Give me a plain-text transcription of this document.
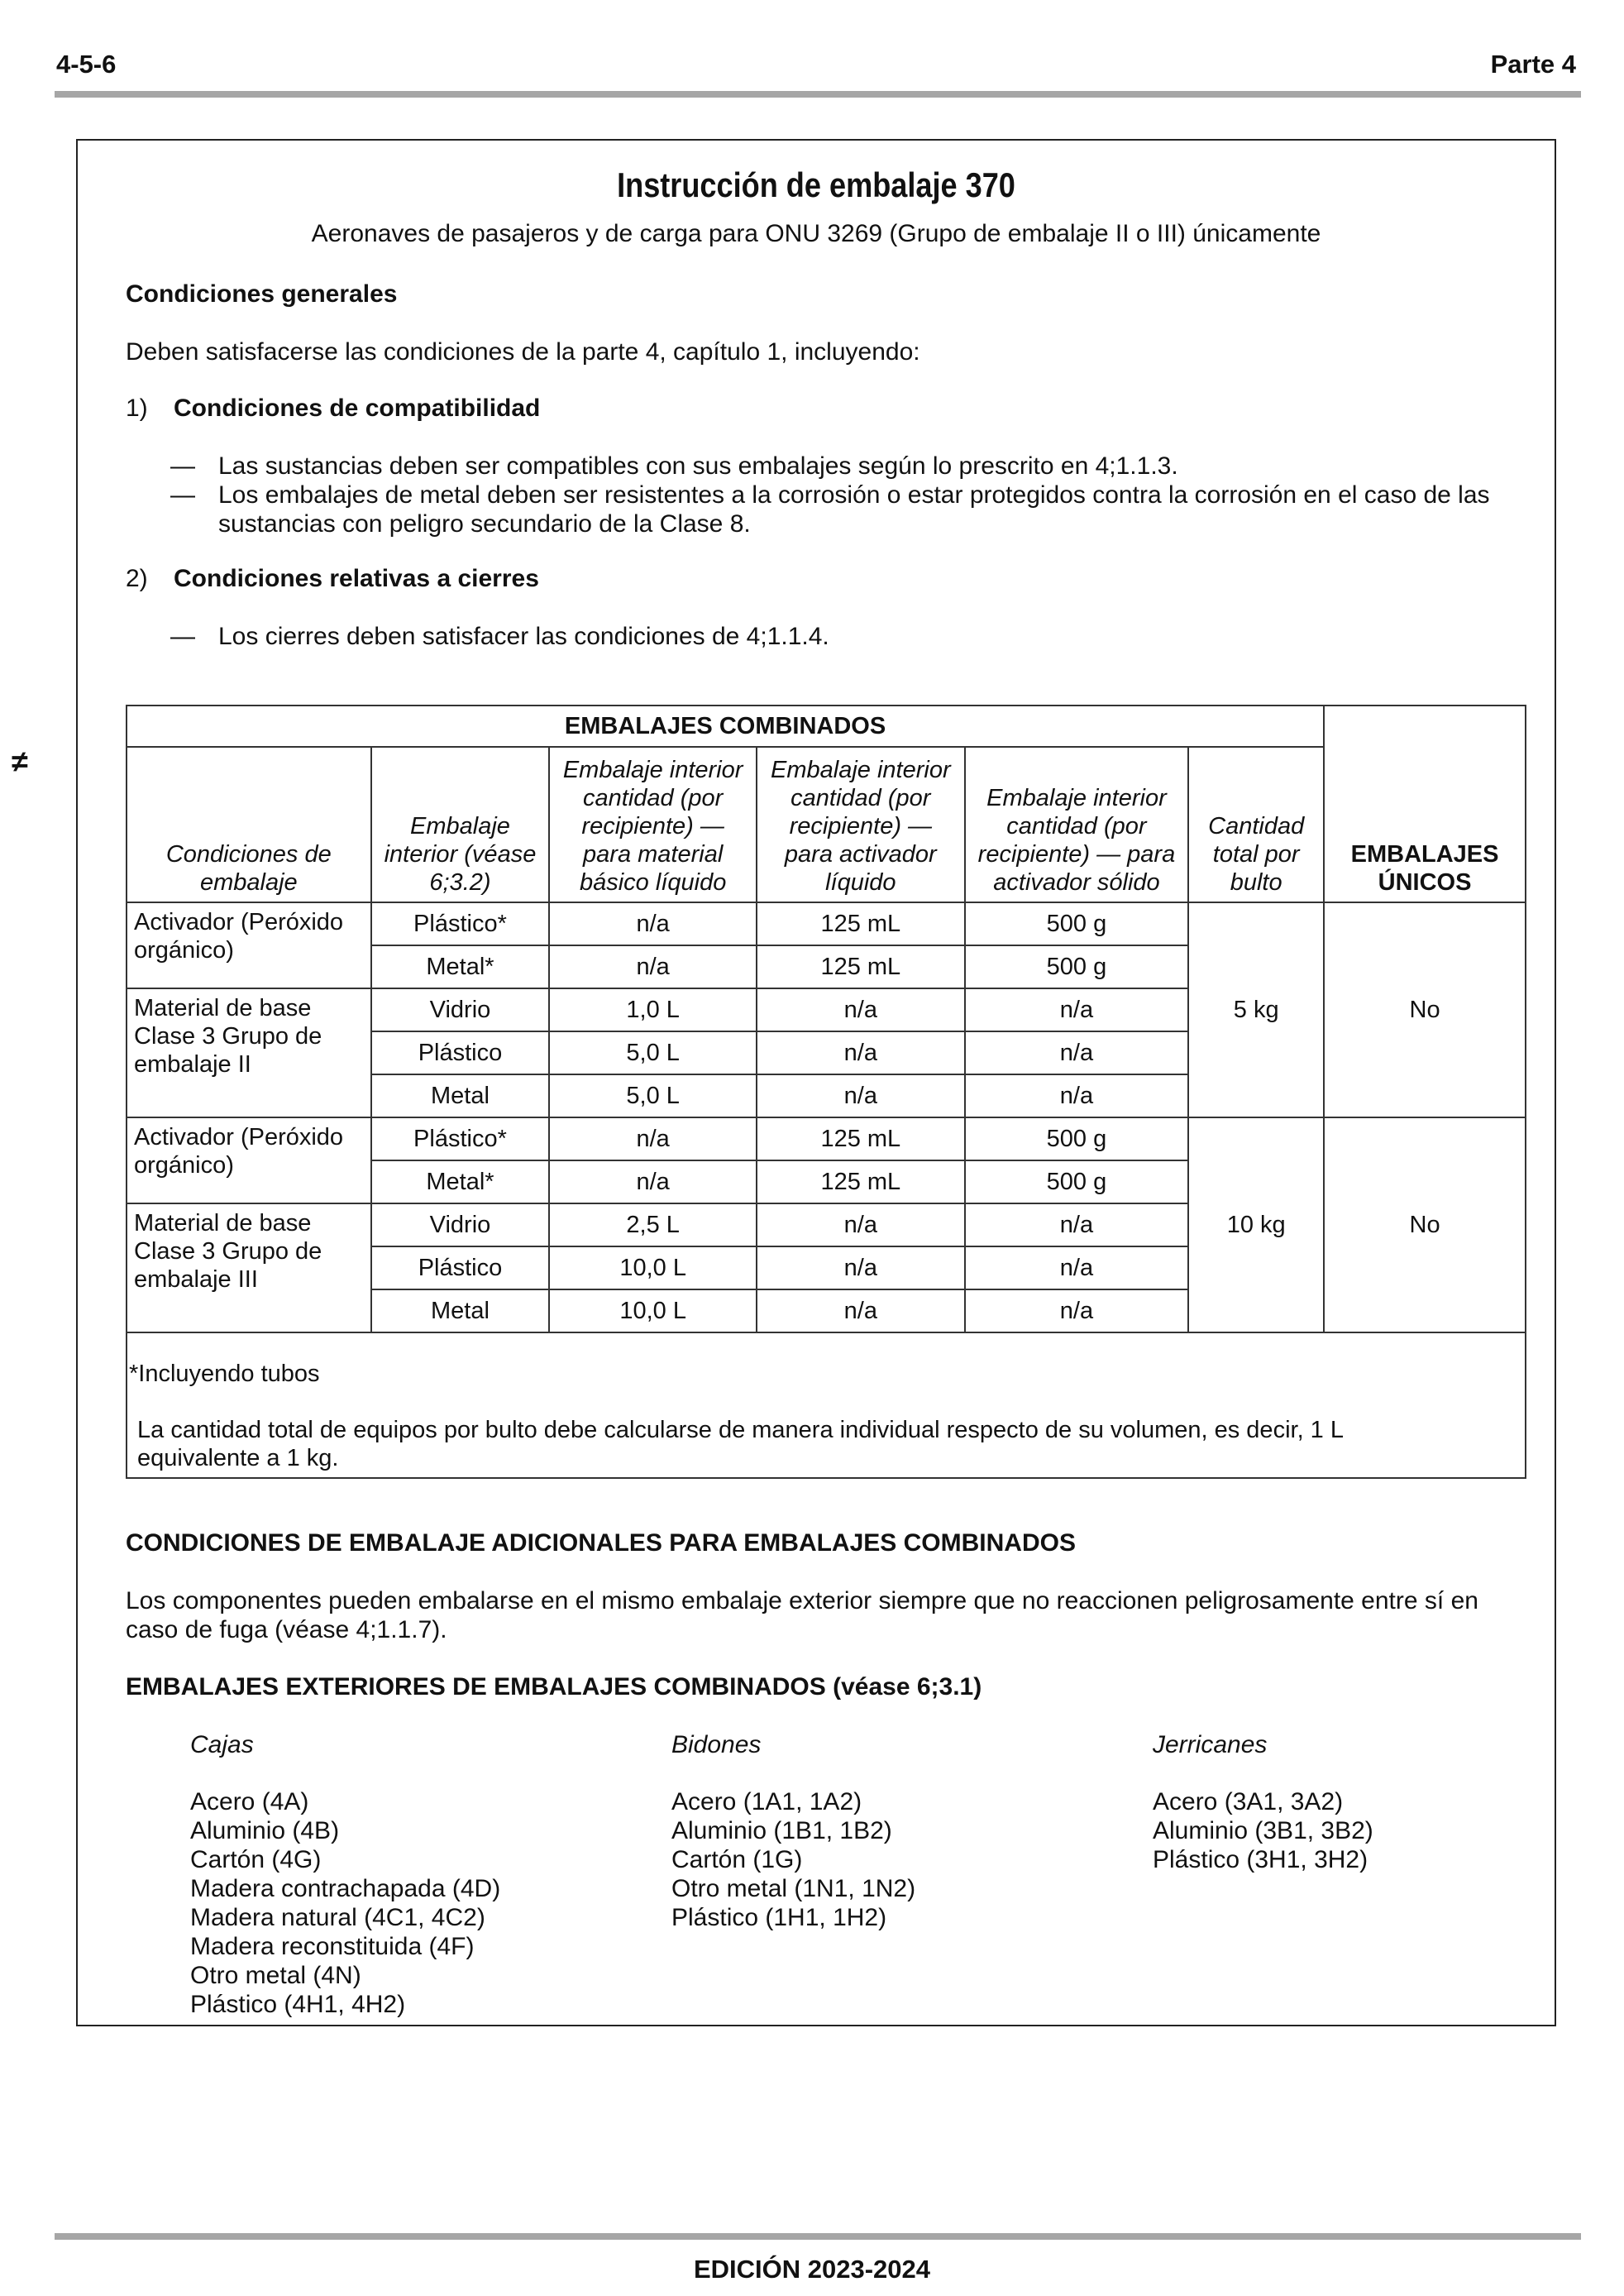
4-5-6	Parte 4
≠
Instrucción de embalaje 370
Aeronaves de pasajeros y de carga para ONU 3269 (Grupo de embalaje II o III) únicamente
Condiciones generales
Deben satisfacerse las condiciones de la parte 4, capítulo 1, incluyendo:
1) Condiciones de compatibilidad
— Las sustancias deben ser compatibles con sus embalajes según lo prescrito en 4;1.1.3.
— Los embalajes de metal deben ser resistentes a la corrosión o estar protegidos contra la corrosión en el caso de las sustancias con peligro secundario de la Clase 8.
2) Condiciones relativas a cierres
— Los cierres deben satisfacer las condiciones de 4;1.1.4.
EMBALAJES COMBINADOS						EMBALAJES ÚNICOS
Condiciones de embalaje	Embalaje interior (véase 6;3.2)	Embalaje interior cantidad (por recipiente) — para material básico líquido	Embalaje interior cantidad (por recipiente) — para activador líquido	Embalaje interior cantidad (por recipiente) — para activador sólido	Cantidad total por bulto	
Activador (Peróxido orgánico)	Plástico*	n/a	125 mL	500 g	5 kg	No
	Metal*	n/a	125 mL	500 g		
Material de base Clase 3 Grupo de embalaje II	Vidrio	1,0 L	n/a	n/a		
	Plástico	5,0 L	n/a	n/a		
	Metal	5,0 L	n/a	n/a		
Activador (Peróxido orgánico)	Plástico*	n/a	125 mL	500 g	10 kg	No
	Metal*	n/a	125 mL	500 g		
Material de base Clase 3 Grupo de embalaje III	Vidrio	2,5 L	n/a	n/a		
	Plástico	10,0 L	n/a	n/a		
	Metal	10,0 L	n/a	n/a		

*Incluyendo tubos
La cantidad total de equipos por bulto debe calcularse de manera individual respecto de su volumen, es decir, 1 L equivalente a 1 kg.						
CONDICIONES DE EMBALAJE ADICIONALES PARA EMBALAJES COMBINADOS
Los componentes pueden embalarse en el mismo embalaje exterior siempre que no reaccionen peligrosamente entre sí en caso de fuga (véase 4;1.1.7).
EMBALAJES EXTERIORES DE EMBALAJES COMBINADOS (véase 6;3.1)
Cajas
Acero (4A)
Aluminio (4B)
Cartón (4G)
Madera contrachapada (4D)
Madera natural (4C1, 4C2)
Madera reconstituida (4F)
Otro metal (4N)
Plástico (4H1, 4H2)
Bidones
Acero (1A1, 1A2)
Aluminio (1B1, 1B2)
Cartón (1G)
Otro metal (1N1, 1N2)
Plástico (1H1, 1H2)
Jerricanes
Acero (3A1, 3A2)
Aluminio (3B1, 3B2)
Plástico (3H1, 3H2)
EDICIÓN 2023-2024
